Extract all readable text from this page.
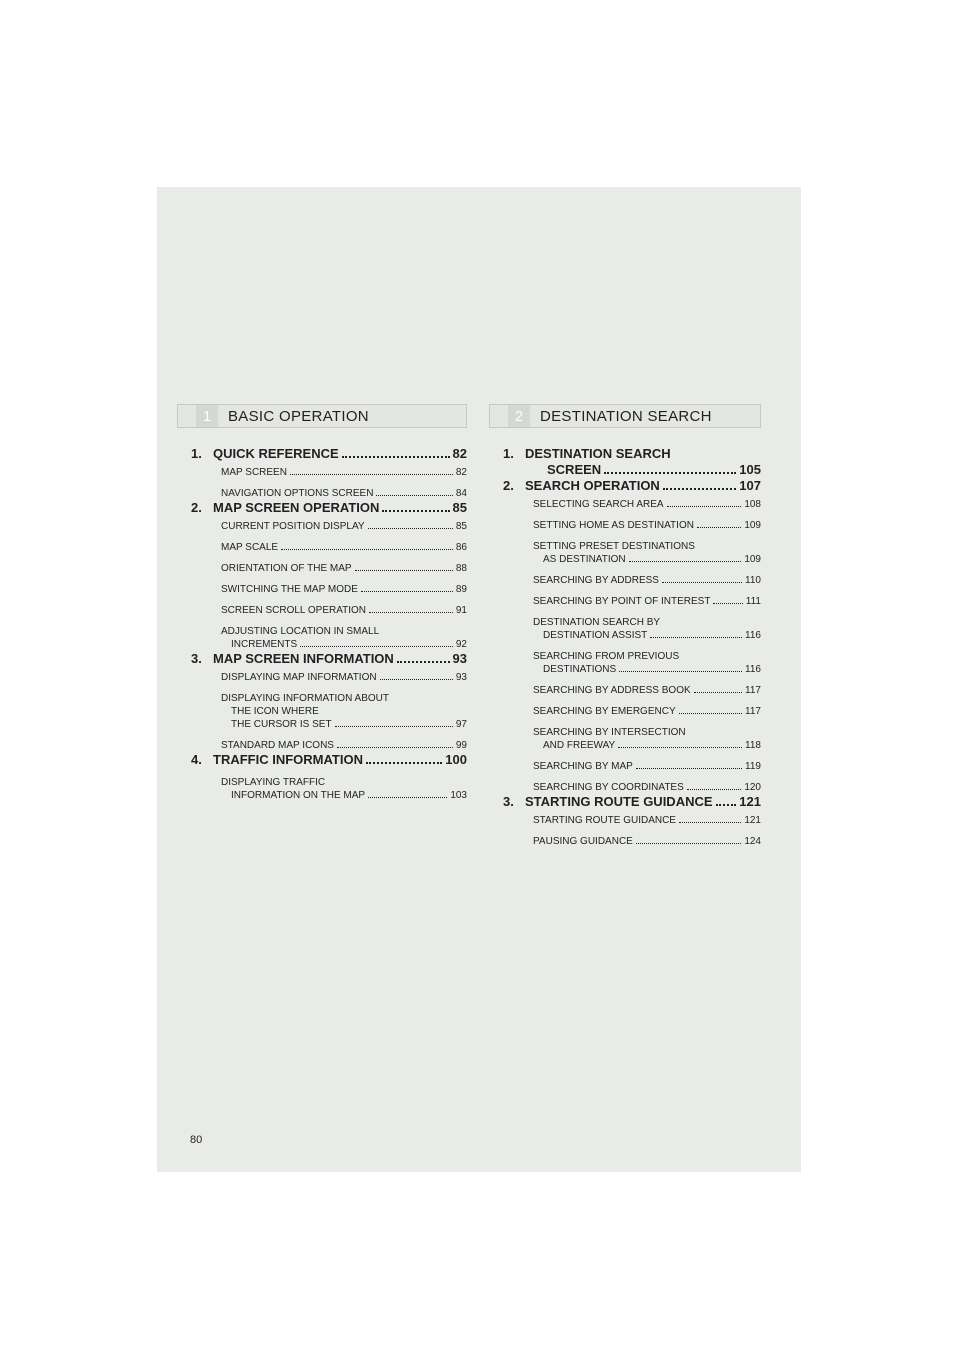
1	BASIC OPERATION
1. QUICK REFERENCE	82
MAP SCREEN	82
NAVIGATION OPTIONS SCREEN	84
2. MAP SCREEN OPERATION	85
CURRENT POSITION DISPLAY	85
MAP SCALE	86
ORIENTATION OF THE MAP	88
SWITCHING THE MAP MODE	89
SCREEN SCROLL OPERATION	91
ADJUSTING LOCATION IN SMALL
INCREMENTS	92
3. MAP SCREEN INFORMATION	93
DISPLAYING MAP INFORMATION	93
DISPLAYING INFORMATION ABOUT
THE ICON WHERE
THE CURSOR IS SET	97
STANDARD MAP ICONS	99
4. TRAFFIC INFORMATION	100
DISPLAYING TRAFFIC
INFORMATION ON THE MAP	103
2	DESTINATION SEARCH
1. DESTINATION SEARCH
SCREEN	105
2. SEARCH OPERATION	107
SELECTING SEARCH AREA	108
SETTING HOME AS DESTINATION	109
SETTING PRESET DESTINATIONS
AS DESTINATION	109
SEARCHING BY ADDRESS	110
SEARCHING BY POINT OF INTEREST	111
DESTINATION SEARCH BY
DESTINATION ASSIST	116
SEARCHING FROM PREVIOUS
DESTINATIONS	116
SEARCHING BY ADDRESS BOOK	117
SEARCHING BY EMERGENCY	117
SEARCHING BY INTERSECTION
AND FREEWAY	118
SEARCHING BY MAP	119
SEARCHING BY COORDINATES	120
3. STARTING ROUTE GUIDANCE 121
STARTING ROUTE GUIDANCE	121
PAUSING GUIDANCE	124
80
